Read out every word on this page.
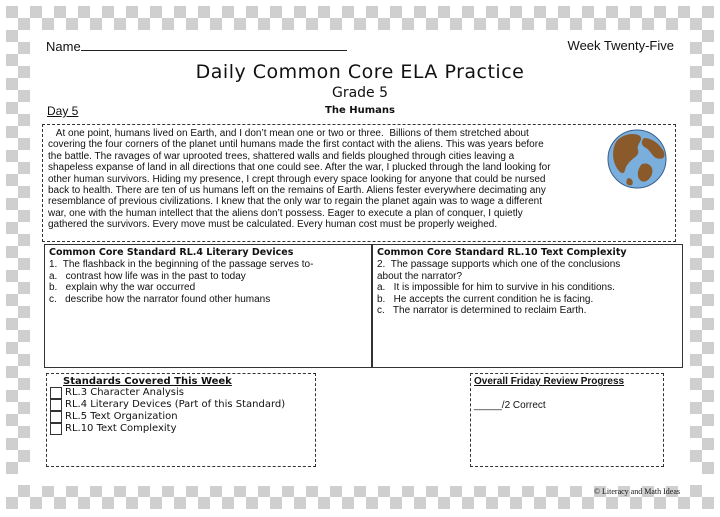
Name	Week Twenty-Five
Daily Common Core ELA Practice
Grade 5
Day 5	The Humans
At one point, humans lived on Earth, and I don’t mean one or two or three.  Billions of them stretched about
covering the four corners of the planet until humans made the first contact with the aliens. This was years before
the battle. The ravages of war uprooted trees, shattered walls and fields ploughed through cities leaving a
shapeless expanse of land in all directions that one could see. After the war, I plucked through the land looking for
other human survivors. Hiding my presence, I crept through every space looking for anyone that could be nursed
back to health. There are ten of us humans left on the remains of Earth. Aliens fester everywhere decimating any
resemblance of previous civilizations. I knew that the only war to regain the planet again was to wage a different
war, one with the human intellect that the aliens don’t possess. Eager to execute a plan of conquer, I quietly
gathered the survivors. Every move must be calculated. Every human cost must be properly weighed.
Common Core Standard RL.4 Literary Devices
1.  The flashback in the beginning of the passage serves to-
a.   contrast how life was in the past to today
b.   explain why the war occurred
c.   describe how the narrator found other humans
Common Core Standard RL.10 Text Complexity
2.  The passage supports which one of the conclusions
about the narrator?
a.   It is impossible for him to survive in his conditions.
b.   He accepts the current condition he is facing.
c.   The narrator is determined to reclaim Earth.
Standards Covered This Week
RL.3 Character Analysis
RL.4 Literary Devices (Part of this Standard)
RL.5 Text Organization
RL.10 Text Complexity
Overall Friday Review Progress
_____/2 Correct
© Literacy and Math Ideas
